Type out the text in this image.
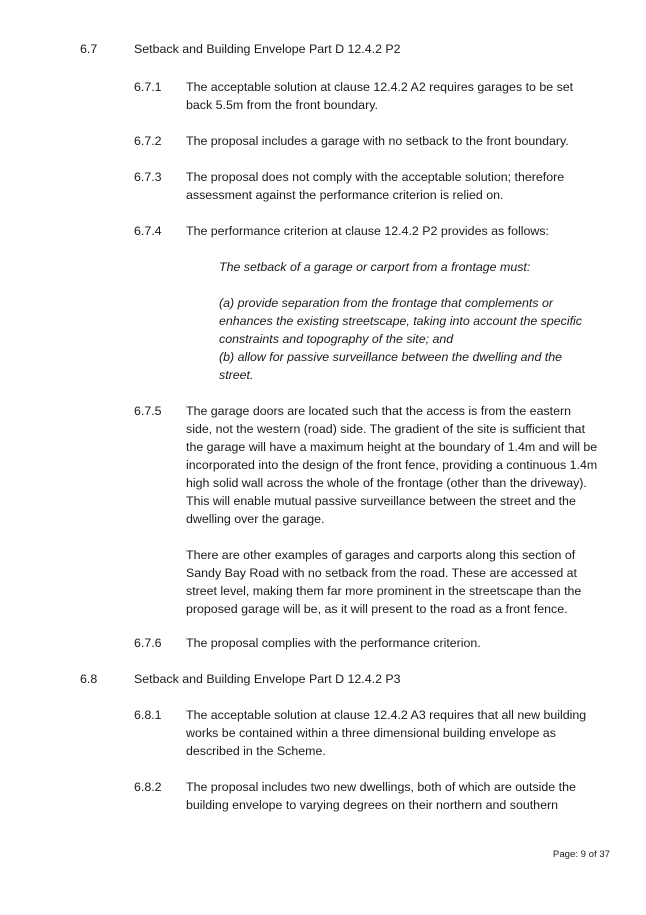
6.7	Setback and Building Envelope Part D 12.4.2 P2
6.7.1 The acceptable solution at clause 12.4.2 A2 requires garages to be set back 5.5m from the front boundary.

6.7.2 The proposal includes a garage with no setback to the front boundary.

6.7.3 The proposal does not comply with the acceptable solution; therefore assessment against the performance criterion is relied on.

6.7.4 The performance criterion at clause 12.4.2 P2 provides as follows:

The setback of a garage or carport from a frontage must:
(a) provide separation from the frontage that complements or enhances the existing streetscape, taking into account the specific constraints and topography of the site; and
(b) allow for passive surveillance between the dwelling and the street.
6.7.5 The garage doors are located such that the access is from the eastern side, not the western (road) side. The gradient of the site is sufficient that the garage will have a maximum height at the boundary of 1.4m and will be incorporated into the design of the front fence, providing a continuous 1.4m high solid wall across the whole of the frontage (other than the driveway). This will enable mutual passive surveillance between the street and the dwelling over the garage.

There are other examples of garages and carports along this section of Sandy Bay Road with no setback from the road. These are accessed at street level, making them far more prominent in the streetscape than the proposed garage will be, as it will present to the road as a front fence.

6.7.6 The proposal complies with the performance criterion.

6.8	Setback and Building Envelope Part D 12.4.2 P3
6.8.1 The acceptable solution at clause 12.4.2 A3 requires that all new building works be contained within a three dimensional building envelope as described in the Scheme.

6.8.2 The proposal includes two new dwellings, both of which are outside the building envelope to varying degrees on their northern and southern

Page: 9 of 37
